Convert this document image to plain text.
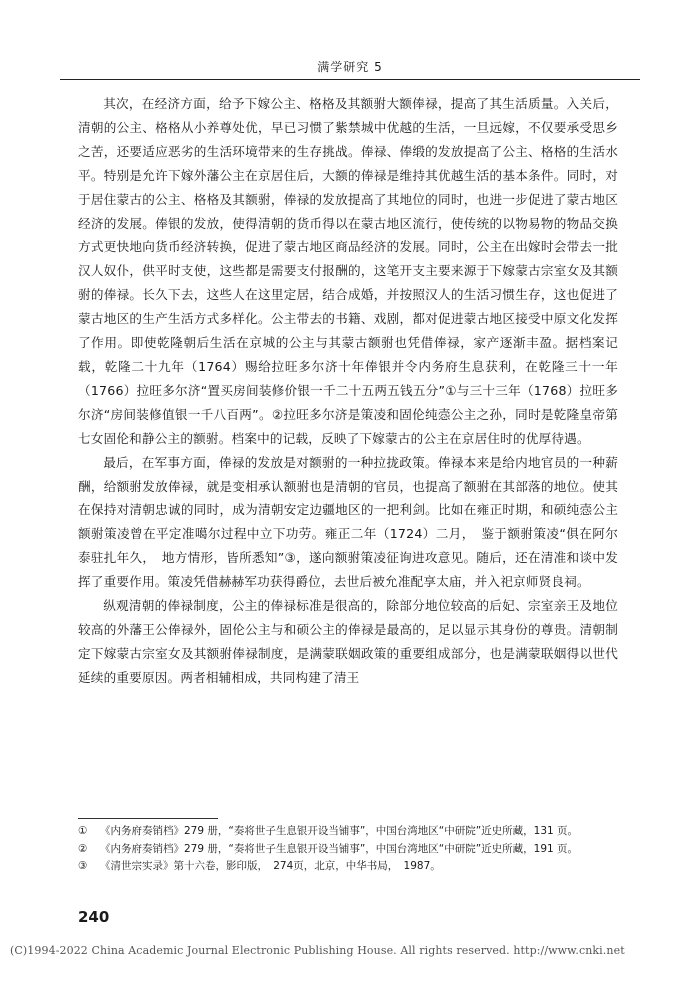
满学研究 5

其次，在经济方面，给予下嫁公主、格格及其额驸大额俸禄，提高了其生活质量。入关后，清朝的公主、格格从小养尊处优，早已习惯了紫禁城中优越的生活，一旦远嫁，不仅要承受思乡之苦，还要适应恶劣的生活环境带来的生存挑战。俸禄、俸缎的发放提高了公主、格格的生活水平。特别是允许下嫁外藩公主在京居住后，大额的俸禄是维持其优越生活的基本条件。同时，对于居住蒙古的公主、格格及其额驸，俸禄的发放提高了其地位的同时，也进一步促进了蒙古地区经济的发展。俸银的发放，使得清朝的货币得以在蒙古地区流行，使传统的以物易物的物品交换方式更快地向货币经济转换，促进了蒙古地区商品经济的发展。同时，公主在出嫁时会带去一批汉人奴仆，供平时支使，这些都是需要支付报酬的，这笔开支主要来源于下嫁蒙古宗室女及其额驸的俸禄。长久下去，这些人在这里定居，结合成婚，并按照汉人的生活习惯生存，这也促进了蒙古地区的生产生活方式多样化。公主带去的书籍、戏剧，都对促进蒙古地区接受中原文化发挥了作用。即使乾隆朝后生活在京城的公主与其蒙古额驸也凭借俸禄，家产逐渐丰盈。据档案记载，乾隆二十九年（1764）赐给拉旺多尔济十年俸银并令内务府生息获利，在乾隆三十一年（1766）拉旺多尔济“置买房间装修价银一千二十五两五钱五分”①与三十三年（1768）拉旺多尔济“房间装修值银一千八百两”。②拉旺多尔济是策凌和固伦纯悫公主之孙，同时是乾隆皇帝第七女固伦和静公主的额驸。档案中的记载，反映了下嫁蒙古的公主在京居住时的优厚待遇。

最后，在军事方面，俸禄的发放是对额驸的一种拉拢政策。俸禄本来是给内地官员的一种薪酬，给额驸发放俸禄，就是变相承认额驸也是清朝的官员，也提高了额驸在其部落的地位。使其在保持对清朝忠诚的同时，成为清朝安定边疆地区的一把利剑。比如在雍正时期，和硕纯悫公主额驸策凌曾在平定准噶尔过程中立下功劳。雍正二年（1724）二月，　鉴于额驸策凌“俱在阿尔泰驻扎年久，　地方情形，皆所悉知”③，遂向额驸策凌征询进攻意见。随后，还在清准和谈中发挥了重要作用。策凌凭借赫赫军功获得爵位，去世后被允准配享太庙，并入祀京师贤良祠。

纵观清朝的俸禄制度，公主的俸禄标准是很高的，除部分地位较高的后妃、宗室亲王及地位较高的外藩王公俸禄外，固伦公主与和硕公主的俸禄是最高的，足以显示其身份的尊贵。清朝制定下嫁蒙古宗室女及其额驸俸禄制度，是满蒙联姻政策的重要组成部分，也是满蒙联姻得以世代延续的重要原因。两者相辅相成，共同构建了清王

①	《内务府奏销档》279 册，“奏将世子生息银开设当铺事”，中国台湾地区“中研院”近史所藏，131 页。
②	《内务府奏销档》279 册，“奏将世子生息银开设当铺事”，中国台湾地区“中研院”近史所藏，191 页。
③	《清世宗实录》第十六卷，影印版，　274页，北京，中华书局，　1987。
240
(C)1994-2022 China Academic Journal Electronic Publishing House. All rights reserved. http://www.cnki.net
